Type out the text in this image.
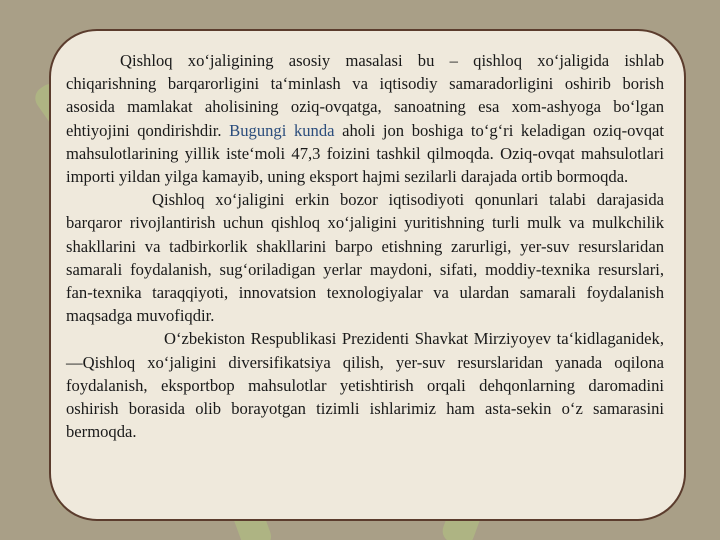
Qishloq xo‘jaligining asosiy masalasi bu – qishloq xo‘jaligida ishlab chiqarishning barqarorligini ta‘minlash va iqtisodiy samaradorligini oshirib borish asosida mamlakat aholisining oziq-ovqatga, sanoatning esa xom-ashyoga bo‘lgan ehtiyojini qondirishdir. Bugungi kunda aholi jon boshiga to‘g‘ri keladigan oziq-ovqat mahsulotlarining yillik iste‘moli 47,3 foizini tashkil qilmoqda. Oziq-ovqat mahsulotlari importi yildan yilga kamayib, uning eksport hajmi sezilarli darajada ortib bormoqda.

Qishloq xo‘jaligini erkin bozor iqtisodiyoti qonunlari talabi darajasida barqaror rivojlantirish uchun qishloq xo‘jaligini yuritishning turli mulk va mulkchilik shakllarini va tadbirkorlik shakllarini barpo etishning zarurligi, yer-suv resurslaridan samarali foydalanish, sug‘oriladigan yerlar maydoni, sifati, moddiy-texnika resurslari, fan-texnika taraqqiyoti, innovatsion texnologiyalar va ulardan samarali foydalanish maqsadga muvofiqdir.

O‘zbekiston Respublikasi Prezidenti Shavkat Mirziyoyev ta‘kidlaganidek, ―Qishloq xo‘jaligini diversifikatsiya qilish, yer-suv resurslaridan yanada oqilona foydalanish, eksportbop mahsulotlar yetishtirish orqali dehqonlarning daromadini oshirish borasida olib borayotgan tizimli ishlarimiz ham asta-sekin o‘z samarasini bermoqda.
